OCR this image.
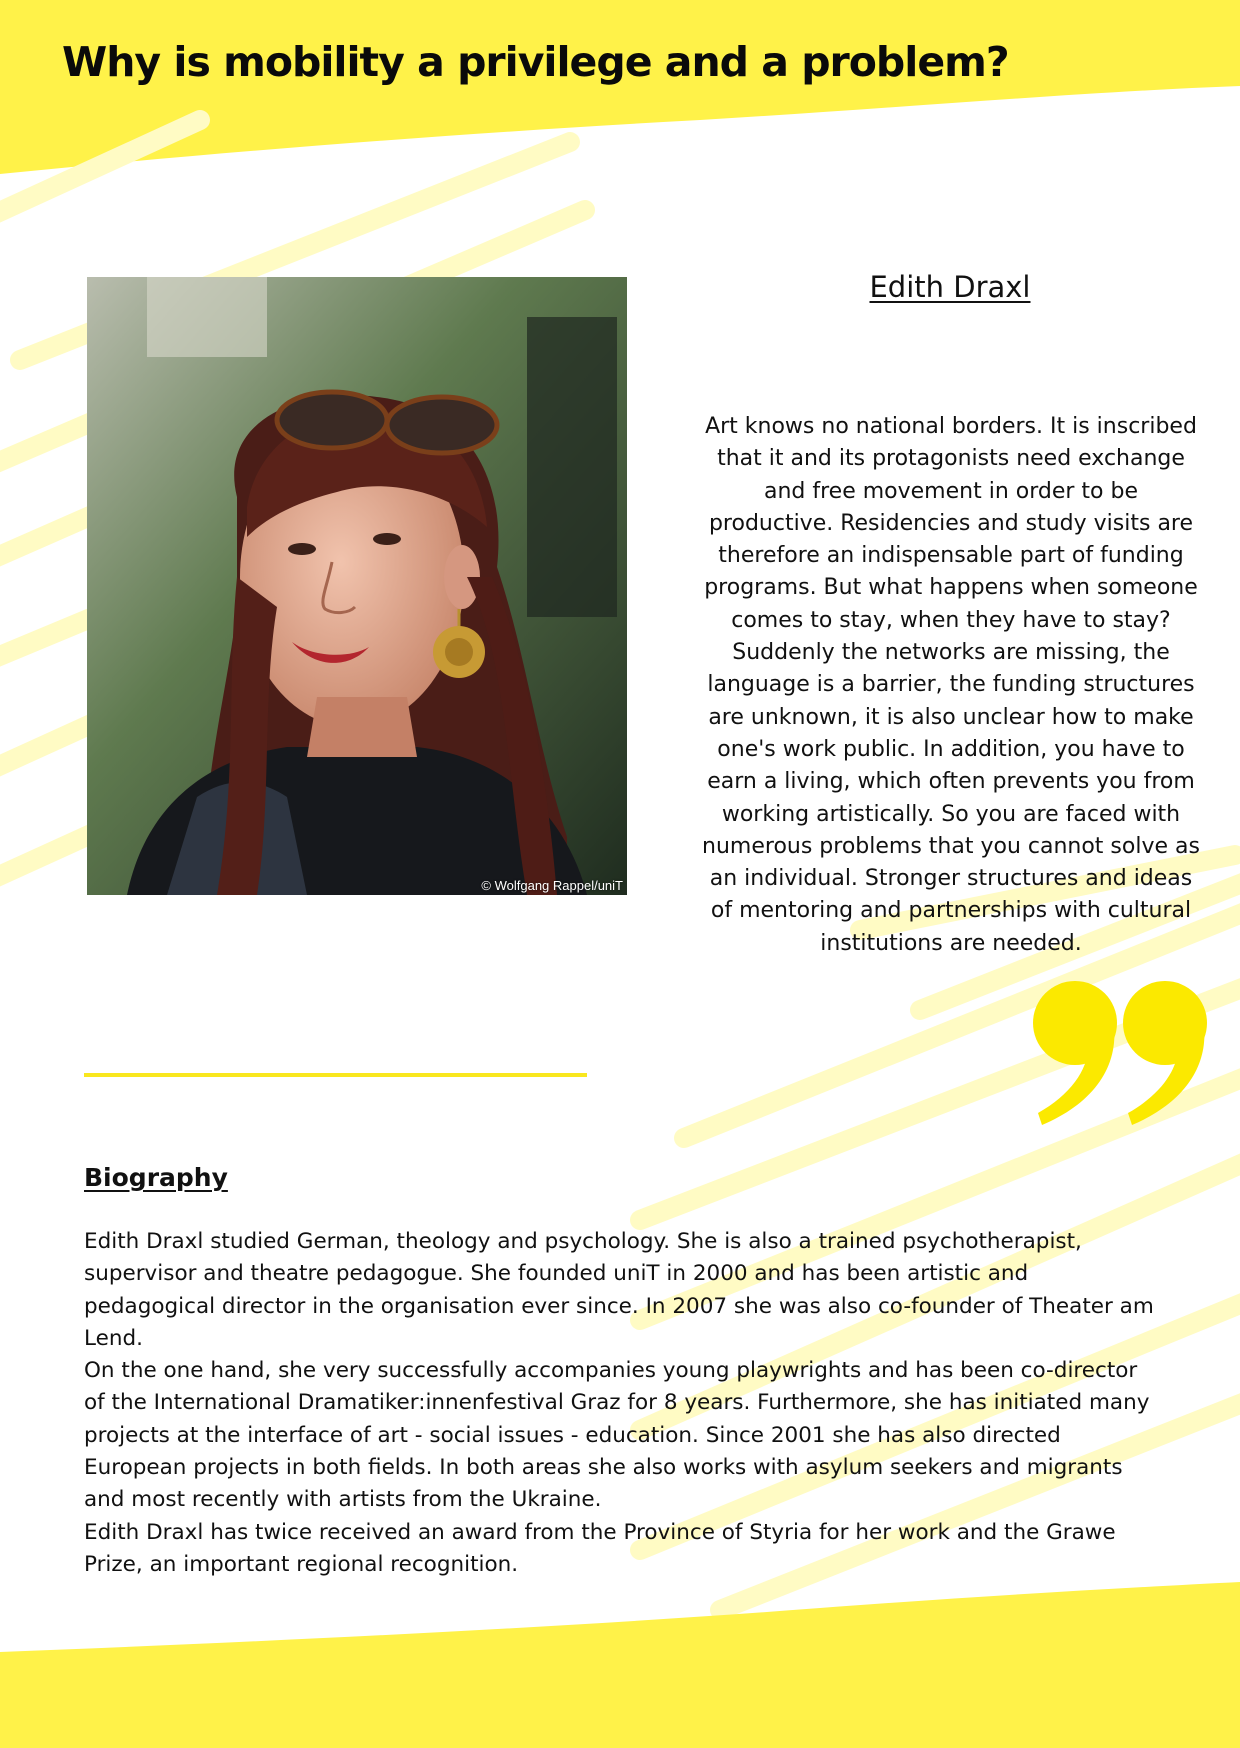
Why is mobility a privilege and a problem?
© Wolfgang Rappel/uniT
Edith Draxl

Art knows no national borders. It is inscribed that it and its protagonists need exchange and free movement in order to be productive. Residencies and study visits are therefore an indispensable part of funding programs. But what happens when someone comes to stay, when they have to stay? Suddenly the networks are missing, the language is a barrier, the funding structures are unknown, it is also unclear how to make one's work public. In addition, you have to earn a living, which often prevents you from working artistically. So you are faced with numerous problems that you cannot solve as an individual. Stronger structures and ideas of mentoring and partnerships with cultural institutions are needed.

Biography

Edith Draxl studied German, theology and psychology. She is also a trained psychotherapist, supervisor and theatre pedagogue. She founded uniT in 2000 and has been artistic and pedagogical director in the organisation ever since. In 2007 she was also co-founder of Theater am Lend.

On the one hand, she very successfully accompanies young playwrights and has been co-director of the International Dramatiker:innenfestival Graz for 8 years. Furthermore, she has initiated many projects at the interface of art - social issues - education. Since 2001 she has also directed European projects in both fields. In both areas she also works with asylum seekers and migrants and most recently with artists from the Ukraine.

Edith Draxl has twice received an award from the Province of Styria for her work and the Grawe Prize, an important regional recognition.
